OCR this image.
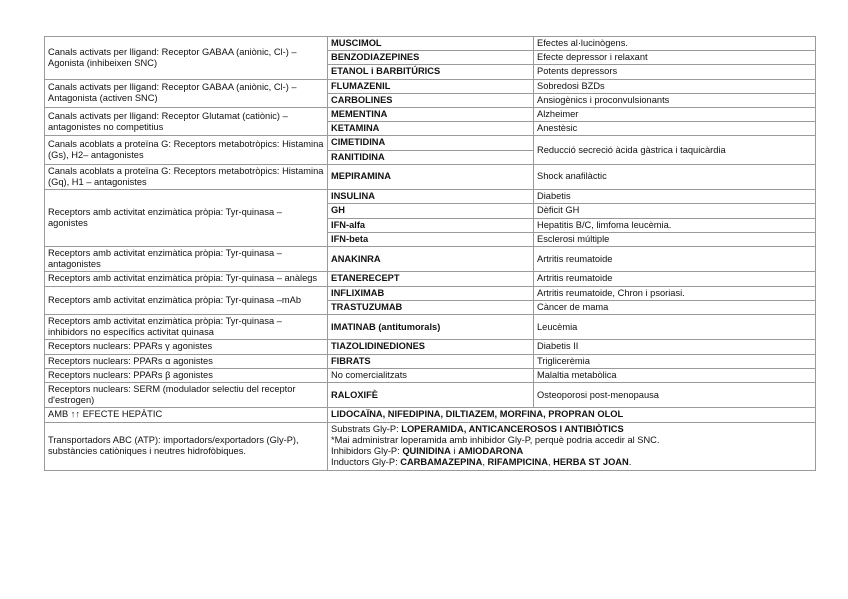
Canals activats per lligand: Receptor GABAA (aniònic, Cl-) – Agonista (inhibeixen SNC)	MUSCIMOL	Efectes al·lucinògens.
	BENZODIAZEPINES	Efecte depressor i relaxant
	ETANOL i BARBITÚRICS	Potents depressors
Canals activats per lligand: Receptor GABAA (aniònic, Cl-) – Antagonista (activen SNC)	FLUMAZENIL	Sobredosi BZDs
	CARBOLINES	Ansiogènics i proconvulsionants
Canals activats per lligand: Receptor Glutamat (catiònic) – antagonistes no competitius	MEMENTINA	Alzheimer
	KETAMINA	Anestèsic
Canals acoblats a proteïna G: Receptors metabotròpics: Histamina (Gs), H2– antagonistes	CIMETIDINA	Reducció secreció àcida gàstrica i taquicàrdia
	RANITIDINA	
Canals acoblats a proteïna G: Receptors metabotròpics: Histamina (Gq), H1 – antagonistes	MEPIRAMINA	Shock anafilàctic
Receptors amb activitat enzimàtica pròpia: Tyr-quinasa – agonistes	INSULINA	Diabetis
	GH	Dèficit GH
	IFN-alfa	Hepatitis B/C, limfoma leucèmia.
	IFN-beta	Esclerosi múltiple
Receptors amb activitat enzimàtica pròpia: Tyr-quinasa – antagonistes	ANAKINRA	Artritis reumatoide
Receptors amb activitat enzimàtica pròpia: Tyr-quinasa – anàlegs	ETANERECEPT	Artritis reumatoide
Receptors amb activitat enzimàtica pròpia: Tyr-quinasa –mAb	INFLIXIMAB	Artritis reumatoide, Chron i psoriasi.
	TRASTUZUMAB	Càncer de mama
Receptors amb activitat enzimàtica pròpia: Tyr-quinasa – inhibidors no específics activitat quinasa	IMATINAB (antitumorals)	Leucèmia
Receptors nuclears: PPARs γ agonistes	TIAZOLIDINEDIONES	Diabetis II
Receptors nuclears: PPARs α agonistes	FIBRATS	Triglicerèmia
Receptors nuclears: PPARs β agonistes	No comercialitzats	Malaltia metabòlica
Receptors nuclears: SERM (modulador selectiu del receptor d'estrogen)	RALOXIFÈ	Osteoporosi post-menopausa
AMB ↑↑ EFECTE HEPÀTIC	LIDOCAÏNA, NIFEDIPINA, DILTIAZEM, MORFINA, PROPRAN OLOL	
Transportadors ABC (ATP): importadors/exportadors (Gly-P), substàncies catiòniques i neutres hidrofòbiques.	Substrats Gly-P: LOPERAMIDA, ANTICANCEROSOS I ANTIBIÒTICS
*Mai administrar loperamida amb inhibidor Gly-P, perquè podria accedir al SNC.
Inhibidors Gly-P: QUINIDINA i AMIODARONA
Inductors Gly-P: CARBAMAZEPINA, RIFAMPICINA, HERBA ST JOAN.	
